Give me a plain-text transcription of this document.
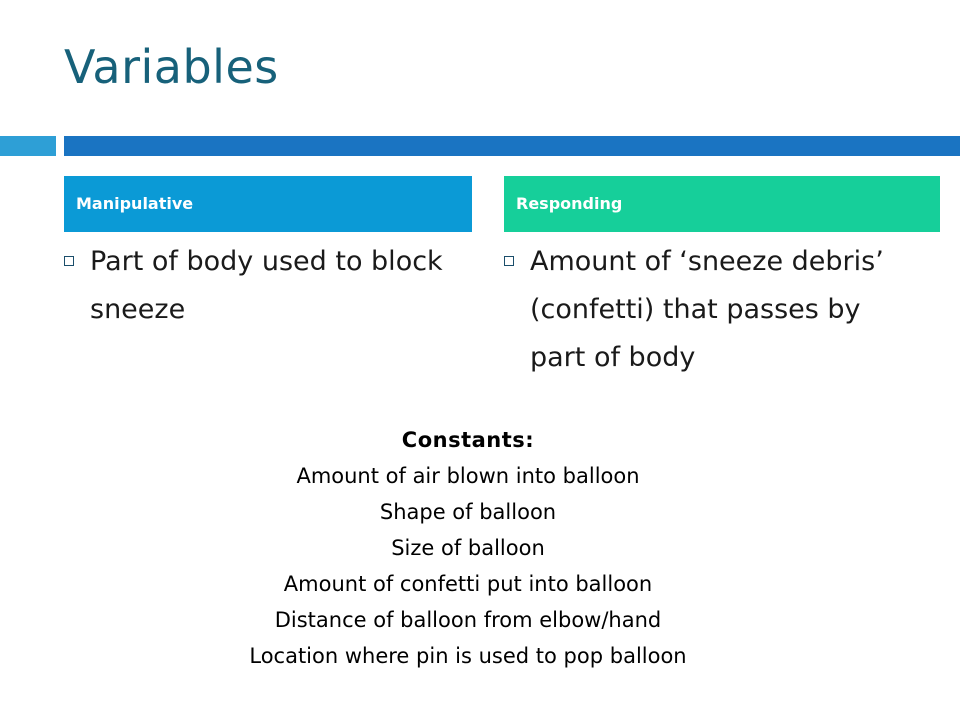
Variables
Manipulative	Responding
Part of body used to block sneeze
Amount of ‘sneeze debris’ (confetti) that passes by part of body
Constants:
Amount of air blown into balloon
Shape of balloon
Size of balloon
Amount of confetti put into balloon
Distance of balloon from elbow/hand
Location where pin is used to pop balloon
